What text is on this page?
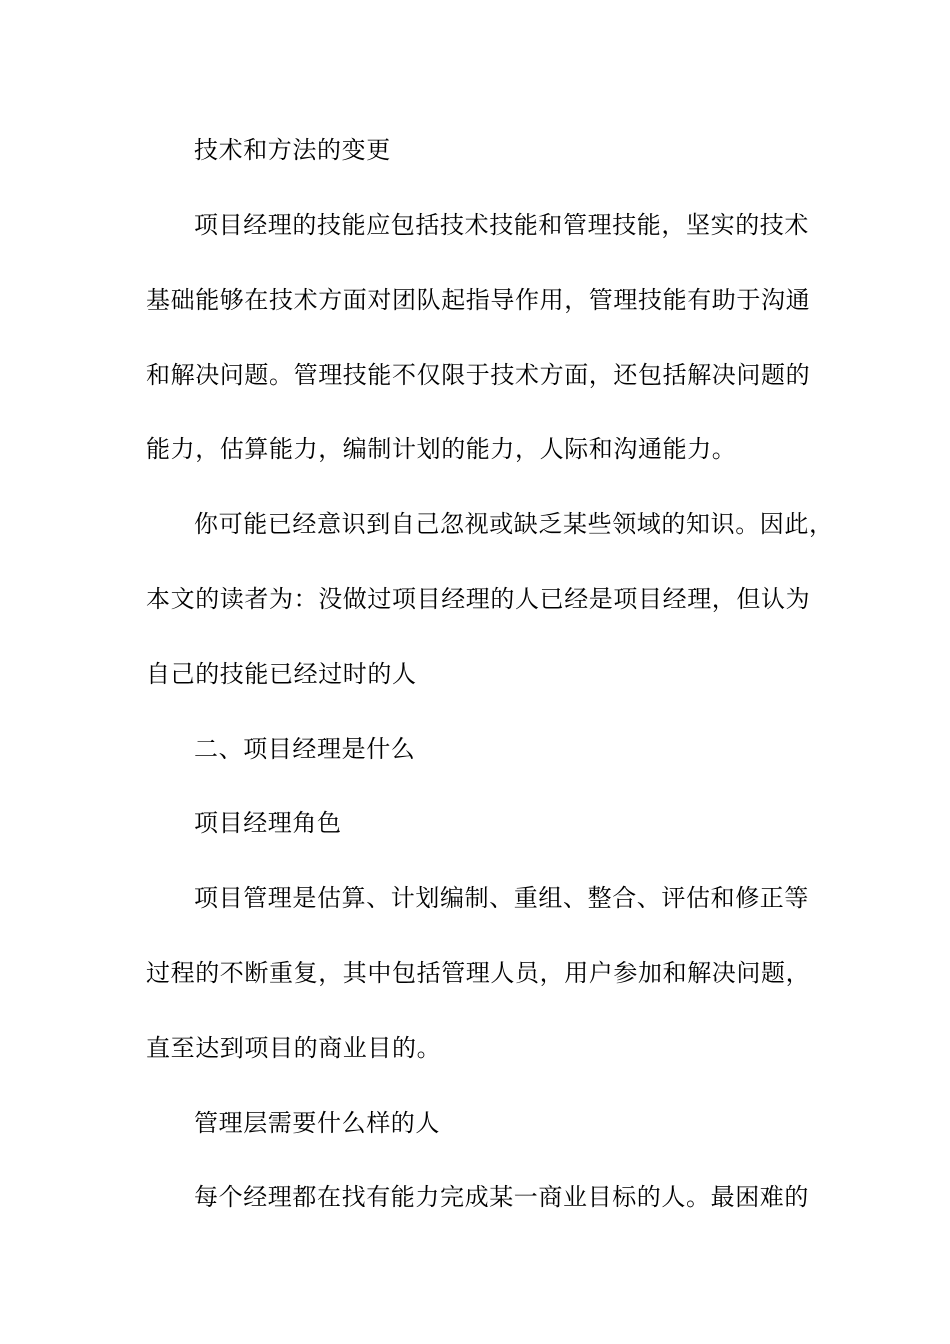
技术和方法的变更
项目经理的技能应包括技术技能和管理技能，坚实的技术
基础能够在技术方面对团队起指导作用，管理技能有助于沟通
和解决问题。管理技能不仅限于技术方面，还包括解决问题的
能力，估算能力，编制计划的能力，人际和沟通能力。
你可能已经意识到自己忽视或缺乏某些领域的知识。因此，
本文的读者为：没做过项目经理的人已经是项目经理，但认为
自己的技能已经过时的人
二、项目经理是什么
项目经理角色
项目管理是估算、计划编制、重组、整合、评估和修正等
过程的不断重复，其中包括管理人员，用户参加和解决问题，
直至达到项目的商业目的。
管理层需要什么样的人
每个经理都在找有能力完成某一商业目标的人。最困难的
